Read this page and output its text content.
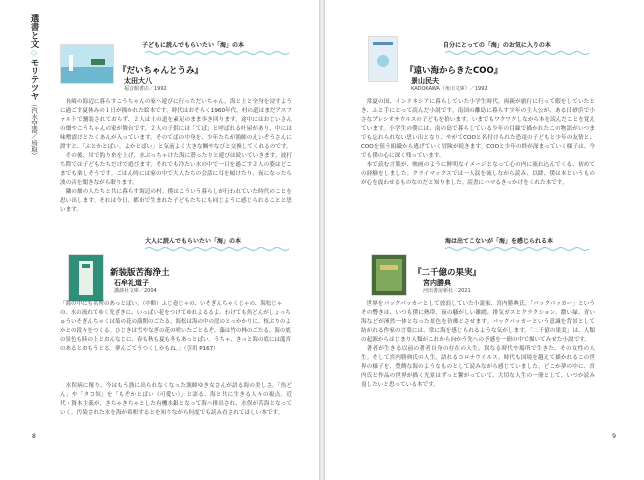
選書と文◇モリテツヤ（汽水空港／鳥取）
子どもに読んでもらいたい「海」の本
『だいちゃんとうみ』
太田大八
福音館書店／1992

長崎の海辺に暮らすこうちゃんの家へ遊びに行っただいちゃん。海と土と全身を浸すように過ごす夏休みの１日が描かれた絵本です。時代はおそらく1960年代。村の道はまだアスファルトで舗装されておらず、２人は土の道を素足のまま歩き回ります。途中にはおじいさんの畑やこうちゃんの家が舞台です。２人の子供には「てば」と呼ばれる叶屋があり、中には味噌漬けとたくあんが入っています。そのてばの中身を、少年たちが漁師のえいぞうさんに渡すと、「ふとかとばい。よかとばい」と気前よく大きな鯛やなびと交換してくれるのです。

その後、川で釣り糸を上げ、水ぶっちゃけた海に潜ったりと遊びは続いていきます。波打ち際では子どもたちだけで遊びます。それでも冷たい水の中で一日を過ごす２人の姿はどこまでも楽しそうです。ごはん時には家の中で大人たちの会話に耳を傾けたり、夜になったら波の音を聞きながら眠ります。

隣の畑の人たちと共に暮らす海辺の村。僕はこういう暮らしが行われていた時代のことを思い出します。それは今日、都市で生まれた子どもたちにも同じように感じられることと思います。

大人に読んでもらいたい「海」の本
新装版苦海浄土
石牟礼道子
講談社文庫／2004

「海の中にも名所のあっとばい。（中略）ふじ壺じゃの、いそぎんちゃくじゃの、海松じゃの、水の流れてゆく先ざきに、いっぱい花をつけてゆれよるるよ。わけても魚どんがしょっちゅういそぎんちゃくは菊の花の満開のごたる。海松は海の中の崖のとっかかりに、枝ぶりのよかとの段々をつくる。ひじきは雪やなぎの花の咲いたごとるぞ。藻は竹の林のごたる。海の底の景色も陸の上とおんなじに、春も秋も夏も冬もあっとばい。うちゃ、きっと海の底には龍宮のあるとおもうとる。夢んごてうつくしかもね。」（引用 P167）

水俣病に罹り、今はもう漁に出られなくなった漁師ゆき女さんが語る海の美しさ。「魚どん」や「タコ奴」を「もぞかとばい（可愛い）」と語る、海と共に生きる人々の視点。近代・資本主義が、きちゃきちゃとした有機水銀となって海へ排出され、水俣が苦海となっていく。汚染された水を海が希釈するとを知りながら何度でも読み直されてほしい本です。

8
自分にとっての「海」のお気に入りの本
『遠い海からきたCOO』
景山民夫
KADOKAWA（角川文庫）／1992

常夏の国、インドネシアに暮らしていた小学生時代。両親が旅行に行って暇をしていたとき、ふと手にとって読んだ小説です。南国の離島に暮らす少年の主人公が、ある日砂浜で小さなプレシオサウルスの子どもを拾います。いまでもワクワクしながら本を読んだことを覚えています。小学生の僕には、南の島で暮らしている少年の目線で描かれたこの物語がいつまでも忘れられない思い出となり、やがてCOOと名付けられた恐竜の子どもと少年の友情と、COOを狙う組織から逃げていく冒険が続きます。COOと少年の絆が深まっていく様子は、今でも僕の心に深く残っています。

本で読む言葉が、映画のように鮮明なイメージとなって心の内に流れ込んでくる、初めての経験をしました。クライマックスでは一人涙を流しながら読み、以降、僕は本というものが心を震わせるものなのだと知りました。読書にハマるきっかけをくれた本です。

海は出てこないが「海」を感じられる本
『二千億の果実』
宮内勝典
河出書房新社／2021

世界をバックパッカーとして放浪していた小説家、宮内勝典氏。「バックパッカー」というその響きは、いつも僕に熱帯、夜の騒がしい雑踏、排気ガスとクラクション、濃い緑、青い海などが渾然一体となった景色を彷彿とさせます。バックパッカーという意識を背景として紡がれる作家の言葉には、常に海を感じられるような気がします。「二千億の果実」は、人類の起源からはじまり人類がこれから向かう先への予感を一冊の中で描いてみせた小説です。

著者が生きる以前の著者自身の存在の人生。異なる時代や場所で生きた、その女性の人生。そして宮内勝典氏の人生。語れるコロナウイルス。時代も国境を越えて描かれるこの世界の様子を、豊饒な海のようなものとして読みながら感じていました。どこか夢の中に、宮内氏と作品の世界が描く光景はずっと繋がっていて、大切な人生の一冊として、いつか読み返したいと思っている本です。

9
